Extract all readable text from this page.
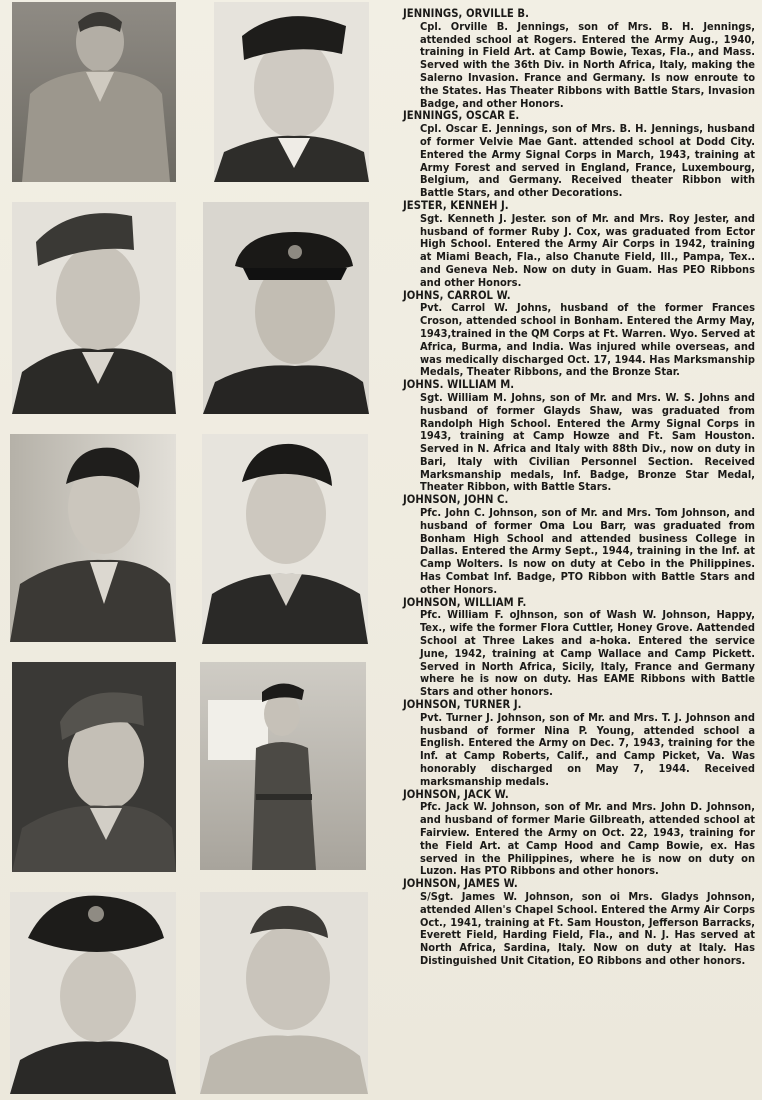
JENNINGS, ORVILLE B.
Cpl. Orville B. Jennings, son of Mrs. B. H. Jennings, attended school at Rogers. Entered the Army Aug., 1940, training in Field Art. at Camp Bowie, Texas, Fla., and Mass. Served with the 36th Div. in North Africa, Italy, making the Salerno Invasion. France and Germany. Is now enroute to the States. Has Theater Ribbons with Battle Stars, Invasion Badge, and other Honors.
JENNINGS, OSCAR E.
Cpl. Oscar E. Jennings, son of Mrs. B. H. Jennings, husband of former Velvie Mae Gant. attended school at Dodd City. Entered the Army Signal Corps in March, 1943, training at Army Forest and served in England, France, Luxembourg, Belgium, and Germany. Received theater Ribbon with Battle Stars, and other Decorations.
JESTER, KENNEH J.
Sgt. Kenneth J. Jester. son of Mr. and Mrs. Roy Jester, and husband of former Ruby J. Cox, was graduated from Ector High School. Entered the Army Air Corps in 1942, training at Miami Beach, Fla., also Chanute Field, Ill., Pampa, Tex.. and Geneva Neb. Now on duty in Guam. Has PEO Ribbons and other Honors.
JOHNS, CARROL W.
Pvt. Carrol W. Johns, husband of the former Frances Croson, attended school in Bonham. Entered the Army May, 1943,trained in the QM Corps at Ft. Warren. Wyo. Served at Africa, Burma, and India. Was injured while overseas, and was medically discharged Oct. 17, 1944. Has Marksmanship Medals, Theater Ribbons, and the Bronze Star.
JOHNS. WILLIAM M.
Sgt. William M. Johns, son of Mr. and Mrs. W. S. Johns and husband of former Glayds Shaw, was graduated from Randolph High School. Entered the Army Signal Corps in 1943, training at Camp Howze and Ft. Sam Houston. Served in N. Africa and Italy with 88th Div., now on duty in Bari, Italy with Civilian Personnel Section. Received Marksmanship medals, Inf. Badge, Bronze Star Medal, Theater Ribbon, with Battle Stars.
JOHNSON, JOHN C.
Pfc. John C. Johnson, son of Mr. and Mrs. Tom Johnson, and husband of former Oma Lou Barr, was graduated from Bonham High School and attended business College in Dallas. Entered the Army Sept., 1944, training in the Inf. at Camp Wolters. Is now on duty at Cebo in the Philippines. Has Combat Inf. Badge, PTO Ribbon with Battle Stars and other Honors.
JOHNSON, WILLIAM F.
Pfc. William F. oJhnson, son of Wash W. Johnson, Happy, Tex., wife the former Flora Cuttler, Honey Grove. Aattended School at Three Lakes and a-hoka. Entered the service June, 1942, training at Camp Wallace and Camp Pickett. Served in North Africa, Sicily, Italy, France and Germany where he is now on duty. Has EAME Ribbons with Battle Stars and other honors.
JOHNSON, TURNER J.
Pvt. Turner J. Johnson, son of Mr. and Mrs. T. J. Johnson and husband of former Nina P. Young, attended school a English. Entered the Army on Dec. 7, 1943, training for the Inf. at Camp Roberts, Calif., and Camp Picket, Va. Was honorably discharged on May 7, 1944. Received marksmanship medals.
JOHNSON, JACK W.
Pfc. Jack W. Johnson, son of Mr. and Mrs. John D. Johnson, and husband of former Marie Gilbreath, attended school at Fairview. Entered the Army on Oct. 22, 1943, training for the Field Art. at Camp Hood and Camp Bowie, ex. Has served in the Philippines, where he is now on duty on Luzon. Has PTO Ribbons and other honors.
JOHNSON, JAMES W.
S/Sgt. James W. Johnson, son oi Mrs. Gladys Johnson, attended Allen's Chapel School. Entered the Army Air Corps Oct., 1941, training at Ft. Sam Houston, Jefferson Barracks, Everett Field, Harding Field, Fla., and N. J. Has served at North Africa, Sardina, Italy. Now on duty at Italy. Has Distinguished Unit Citation, EO Ribbons and other honors.
